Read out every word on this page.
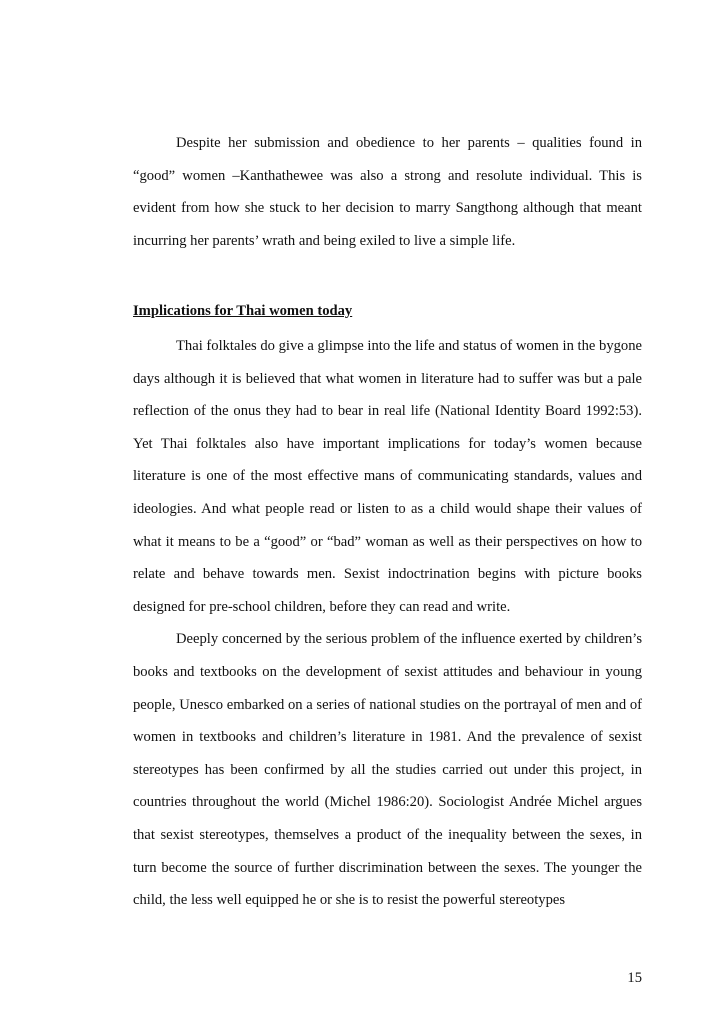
Despite her submission and obedience to her parents – qualities found in “good” women –Kanthathewee was also a strong and resolute individual. This is evident from how she stuck to her decision to marry Sangthong although that meant incurring her parents’ wrath and being exiled to live a simple life.

Implications for Thai women today

Thai folktales do give a glimpse into the life and status of women in the bygone days although it is believed that what women in literature had to suffer was but a pale reflection of the onus they had to bear in real life (National Identity Board 1992:53). Yet Thai folktales also have important implications for today’s women because literature is one of the most effective mans of communicating standards, values and ideologies. And what people read or listen to as a child would shape their values of what it means to be a “good” or “bad” woman as well as their perspectives on how to relate and behave towards men. Sexist indoctrination begins with picture books designed for pre-school children, before they can read and write.

Deeply concerned by the serious problem of the influence exerted by children’s books and textbooks on the development of sexist attitudes and behaviour in young people, Unesco embarked on a series of national studies on the portrayal of men and of women in textbooks and children’s literature in 1981. And the prevalence of sexist stereotypes has been confirmed by all the studies carried out under this project, in countries throughout the world (Michel 1986:20). Sociologist Andrée Michel argues that sexist stereotypes, themselves a product of the inequality between the sexes, in turn become the source of further discrimination between the sexes. The younger the child, the less well equipped he or she is to resist the powerful stereotypes

15
